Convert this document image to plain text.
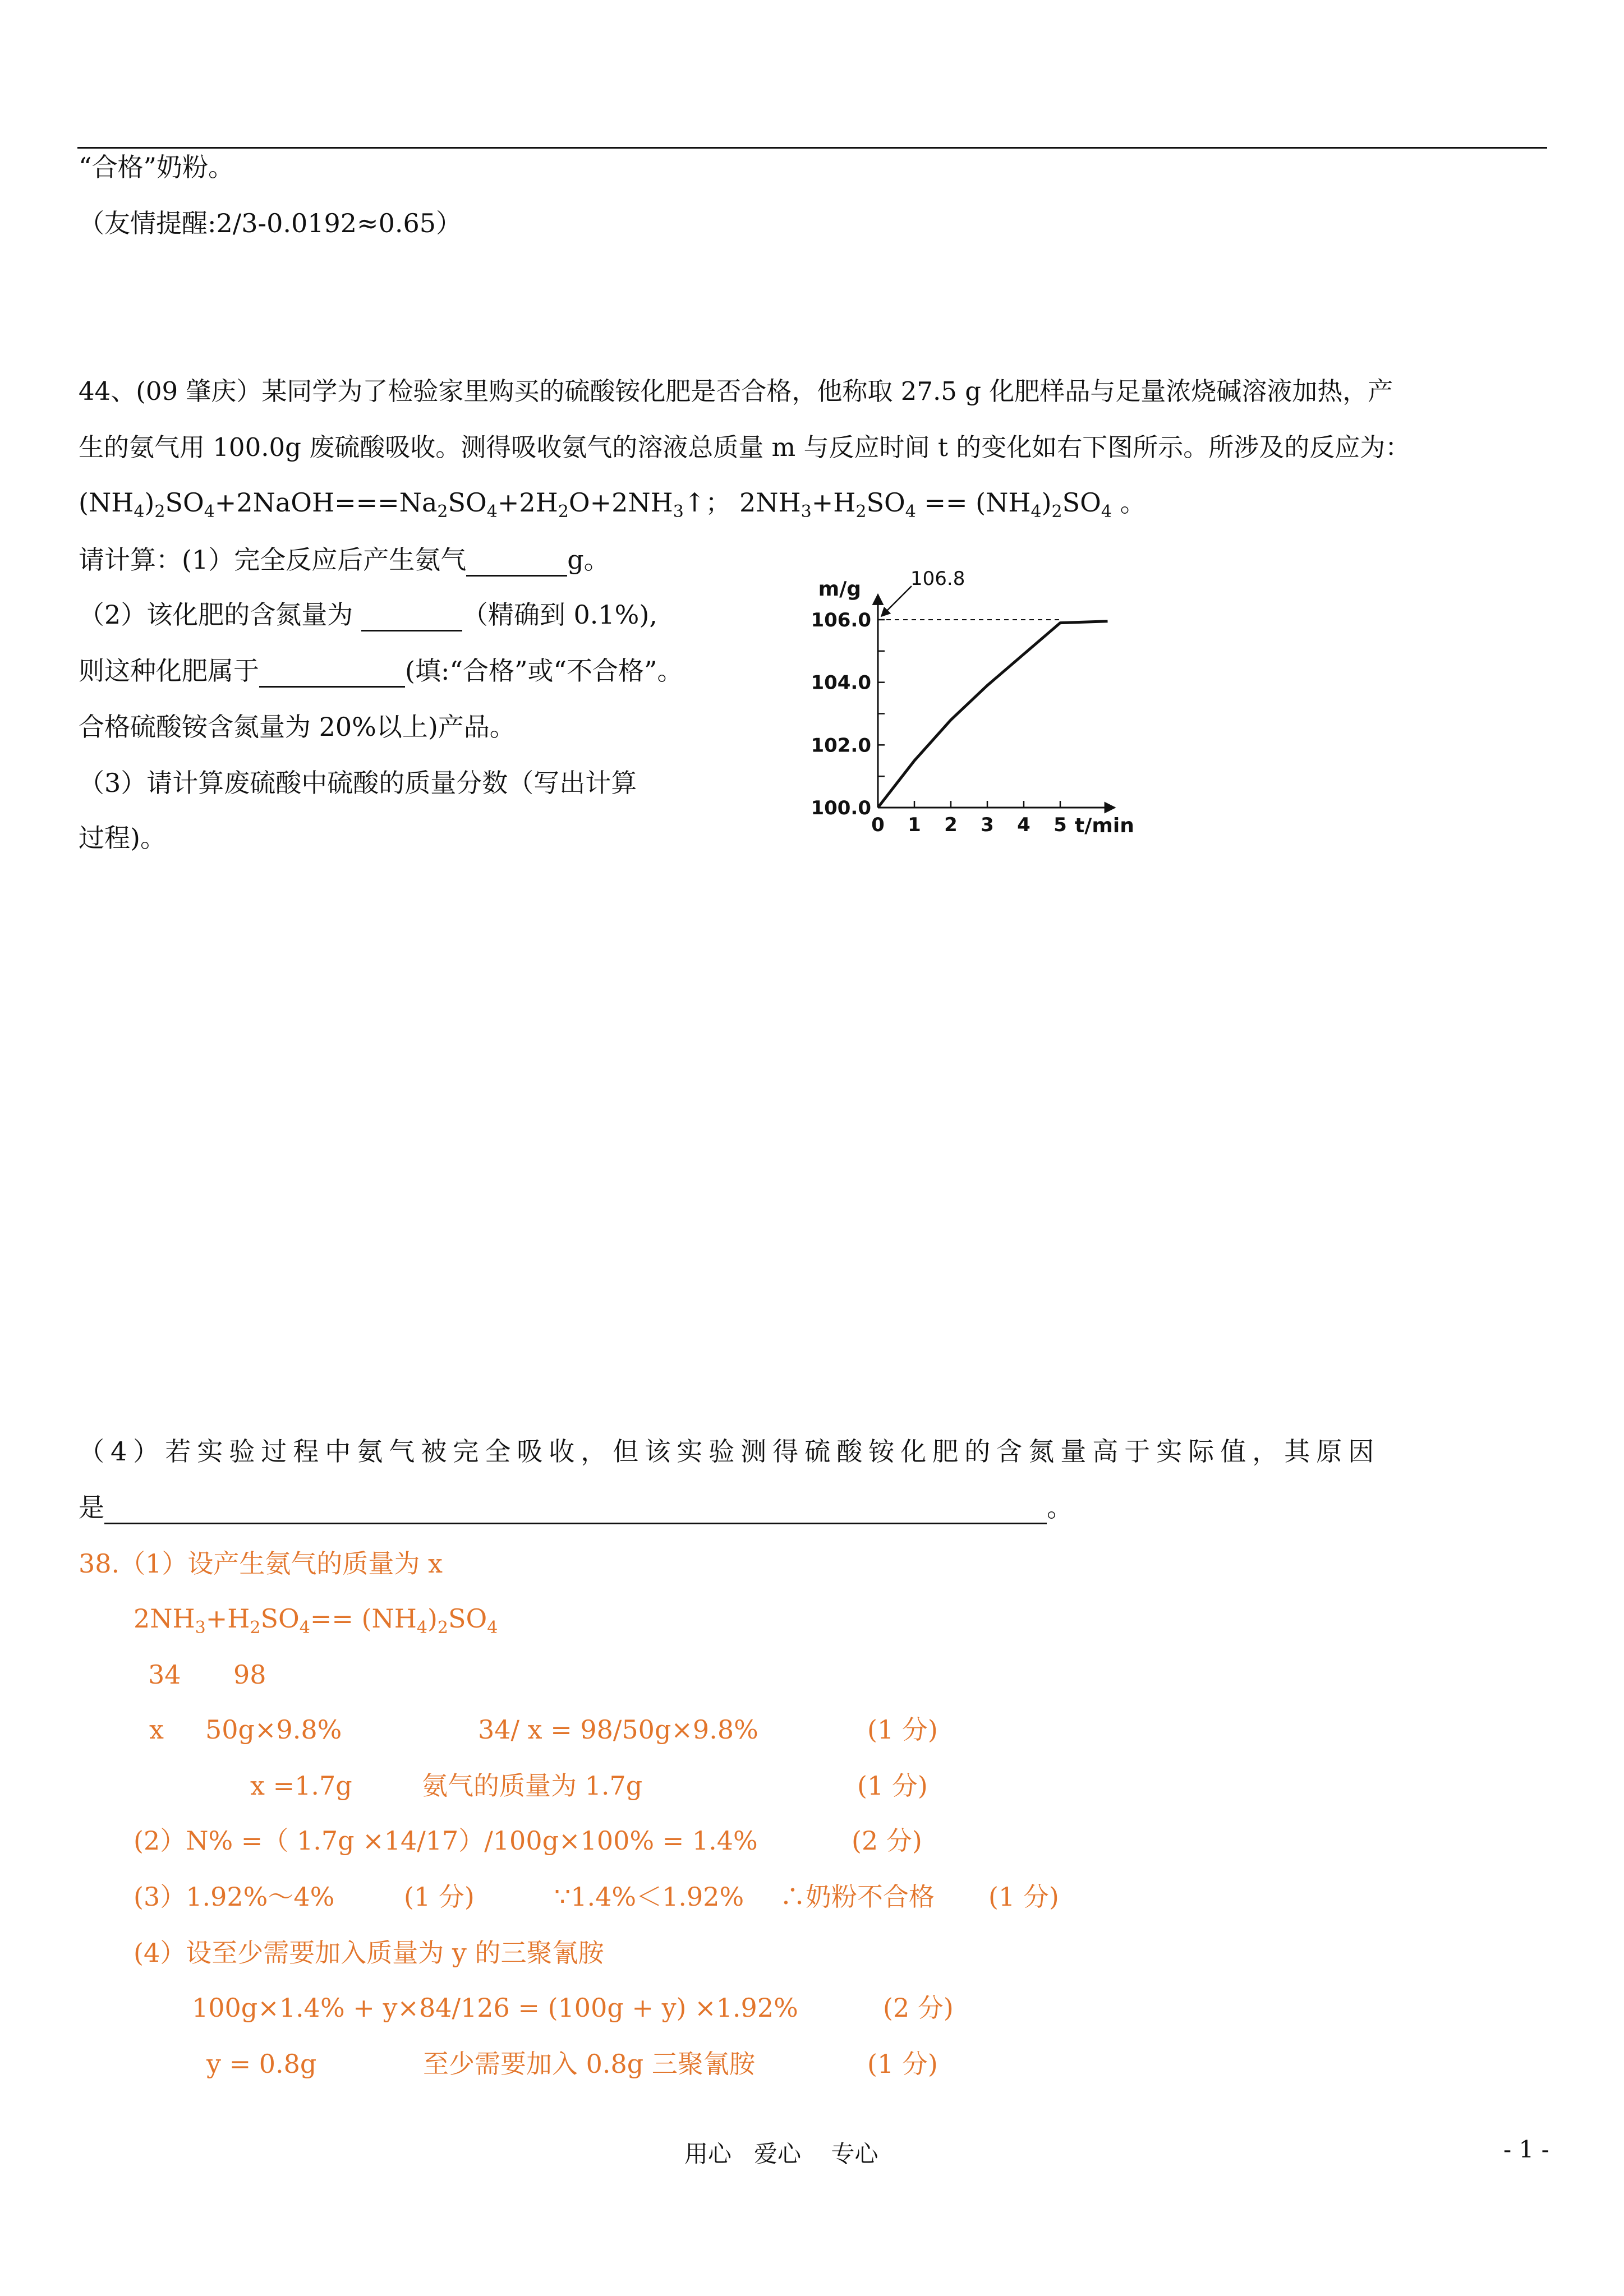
“合格”奶粉。
（友情提醒:2/3-0.0192≈0.65）
44、(09 肇庆）某同学为了检验家里购买的硫酸铵化肥是否合格，他称取 27.5 g 化肥样品与足量浓烧碱溶液加热，产
生的氨气用 100.0g 废硫酸吸收。测得吸收氨气的溶液总质量 m 与反应时间 t 的变化如右下图所示。所涉及的反应为：
$(NH_4)_2SO_4+2NaOH===Na_2SO_4+2H_2O+2NH_3↑$； $2NH_3+H_2SO_4 == (NH_4)_2SO_4$ 。
请计算：(1）完全反应后产生氨气	g。
（2）该化肥的含氮量为	（精确到 0.1%),
则这种化肥属于	(填:“合格”或“不合格”。
合格硫酸铵含氮量为 20%以上)产品。
（3）请计算废硫酸中硫酸的质量分数（写出计算
过程)。
100.0
102.0
104.0
106.0
0 1 2 3 4 5
m/g
t/min
106.8
（4）若实验过程中氨气被完全吸收，但该实验测得硫酸铵化肥的含氮量高于实际值，其原因
是	。
38.（1）设产生氨气的质量为 x
$2NH_3+H_2SO_4== (NH_4)_2SO_4$
34 98
x 50g×9.8%	34/ x = 98/50g×9.8%	(1 分)
x =1.7g	氨气的质量为 1.7g	(1 分)
(2）N% =（ 1.7g ×14/17）/100g×100% = 1.4%	(2 分)
(3）1.92%～4%	(1 分)	∵1.4%＜1.92% ∴奶粉不合格 (1 分)
(4）设至少需要加入质量为 y 的三聚氰胺
100g×1.4% + y×84/126 = (100g + y) ×1.92%	(2 分)
y = 0.8g	至少需要加入 0.8g 三聚氰胺	(1 分)
用心   爱心    专心	- 1 -
